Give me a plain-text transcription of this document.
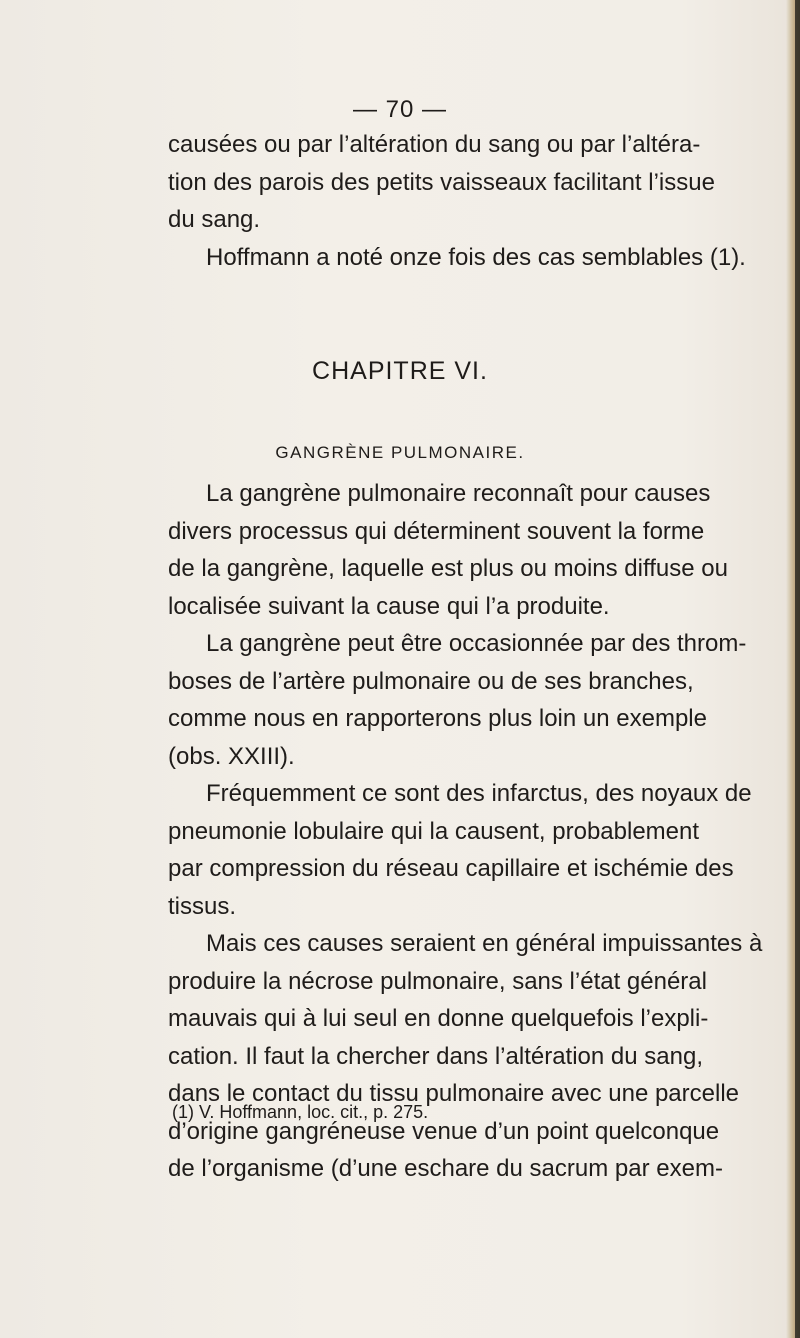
— 70 —
causées ou par l’altération du sang ou par l’altéra-
tion des parois des petits vaisseaux facilitant l’issue
du sang.
Hoffmann a noté onze fois des cas semblables (1).
CHAPITRE VI.
GANGRÈNE PULMONAIRE.
La gangrène pulmonaire reconnaît pour causes
divers processus qui déterminent souvent la forme
de la gangrène, laquelle est plus ou moins diffuse ou
localisée suivant la cause qui l’a produite.
La gangrène peut être occasionnée par des throm-
boses de l’artère pulmonaire ou de ses branches,
comme nous en rapporterons plus loin un exemple
(obs. XXIII).
Fréquemment ce sont des infarctus, des noyaux de
pneumonie lobulaire qui la causent, probablement
par compression du réseau capillaire et ischémie des
tissus.
Mais ces causes seraient en général impuissantes à
produire la nécrose pulmonaire, sans l’état général
mauvais qui à lui seul en donne quelquefois l’expli-
cation. Il faut la chercher dans l’altération du sang,
dans le contact du tissu pulmonaire avec une parcelle
d’origine gangréneuse venue d’un point quelconque
de l’organisme (d’une eschare du sacrum par exem-
(1) V. Hoffmann, loc. cit., p. 275.
